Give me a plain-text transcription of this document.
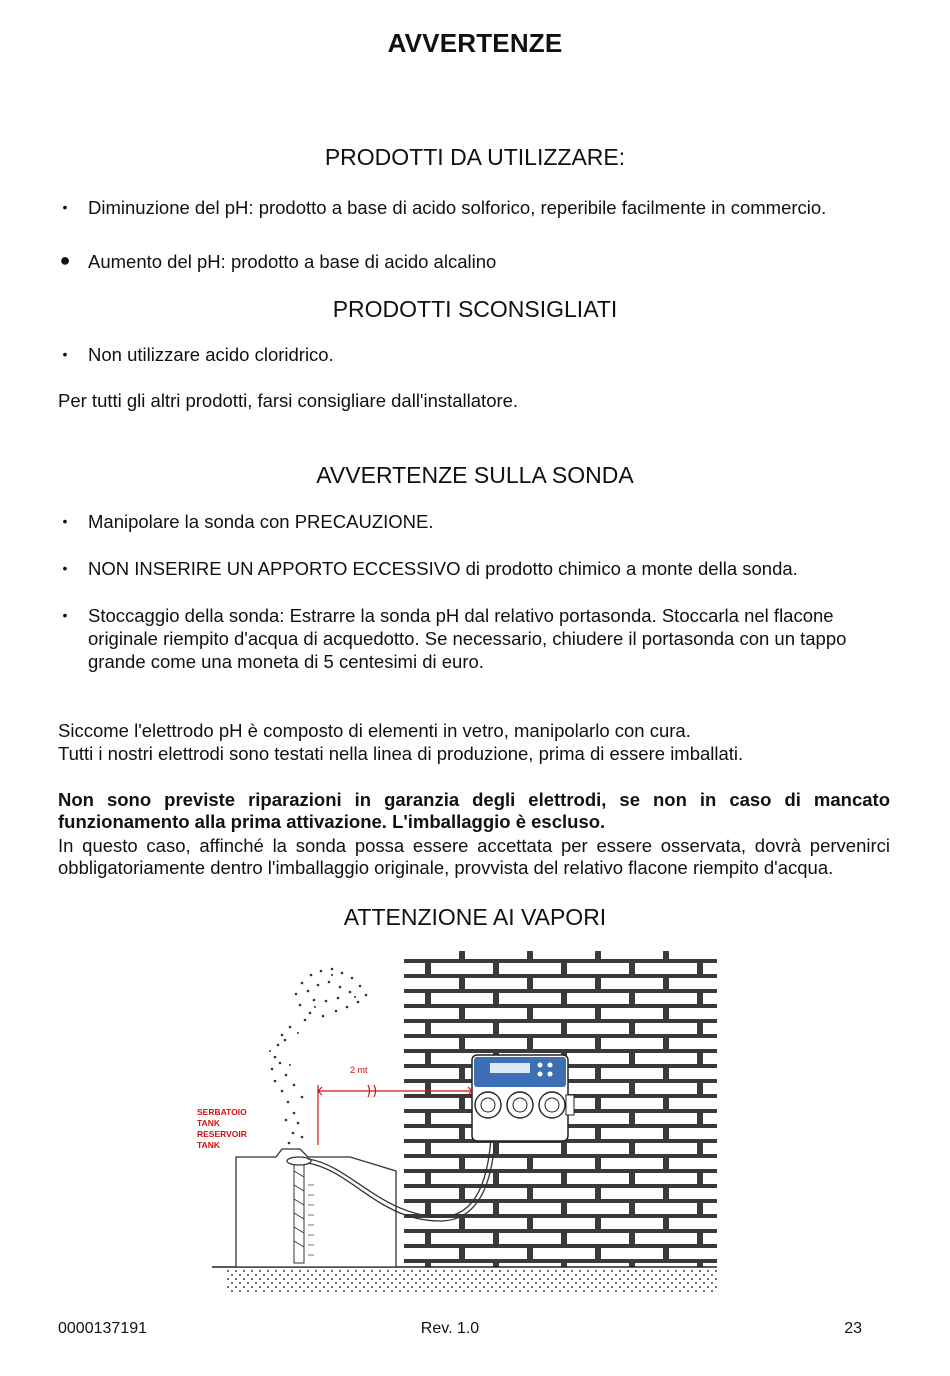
AVVERTENZE
PRODOTTI DA UTILIZZARE:
• Diminuzione del pH: prodotto a base di acido solforico, reperibile facilmente in commercio.
● Aumento del pH: prodotto a base di acido alcalino
PRODOTTI SCONSIGLIATI
• Non utilizzare acido cloridrico.
Per tutti gli altri prodotti, farsi consigliare dall'installatore.
AVVERTENZE SULLA SONDA
• Manipolare la sonda con PRECAUZIONE.
• NON INSERIRE UN APPORTO ECCESSIVO di prodotto chimico a monte della sonda.
• Stoccaggio della sonda: Estrarre la sonda pH dal relativo portasonda. Stoccarla nel flacone originale riempito d'acqua di acquedotto. Se necessario, chiudere il portasonda con un tappo grande come una moneta di 5 centesimi di euro.
Siccome l'elettrodo pH è composto di elementi in vetro, manipolarlo con cura.
Tutti i nostri elettrodi sono testati nella linea di produzione, prima di essere imballati.
Non sono previste riparazioni in garanzia degli elettrodi, se non in caso di mancato funzionamento alla prima attivazione. L'imballaggio è escluso.
In questo caso, affinché la sonda possa essere accettata per essere osservata, dovrà pervenirci obbligatoriamente dentro l'imballaggio originale, provvista del relativo flacone riempito d'acqua.
ATTENZIONE AI VAPORI
2 mt
SERBATOIO
TANK
RESERVOIR
TANK
0000137191	Rev. 1.0	23
